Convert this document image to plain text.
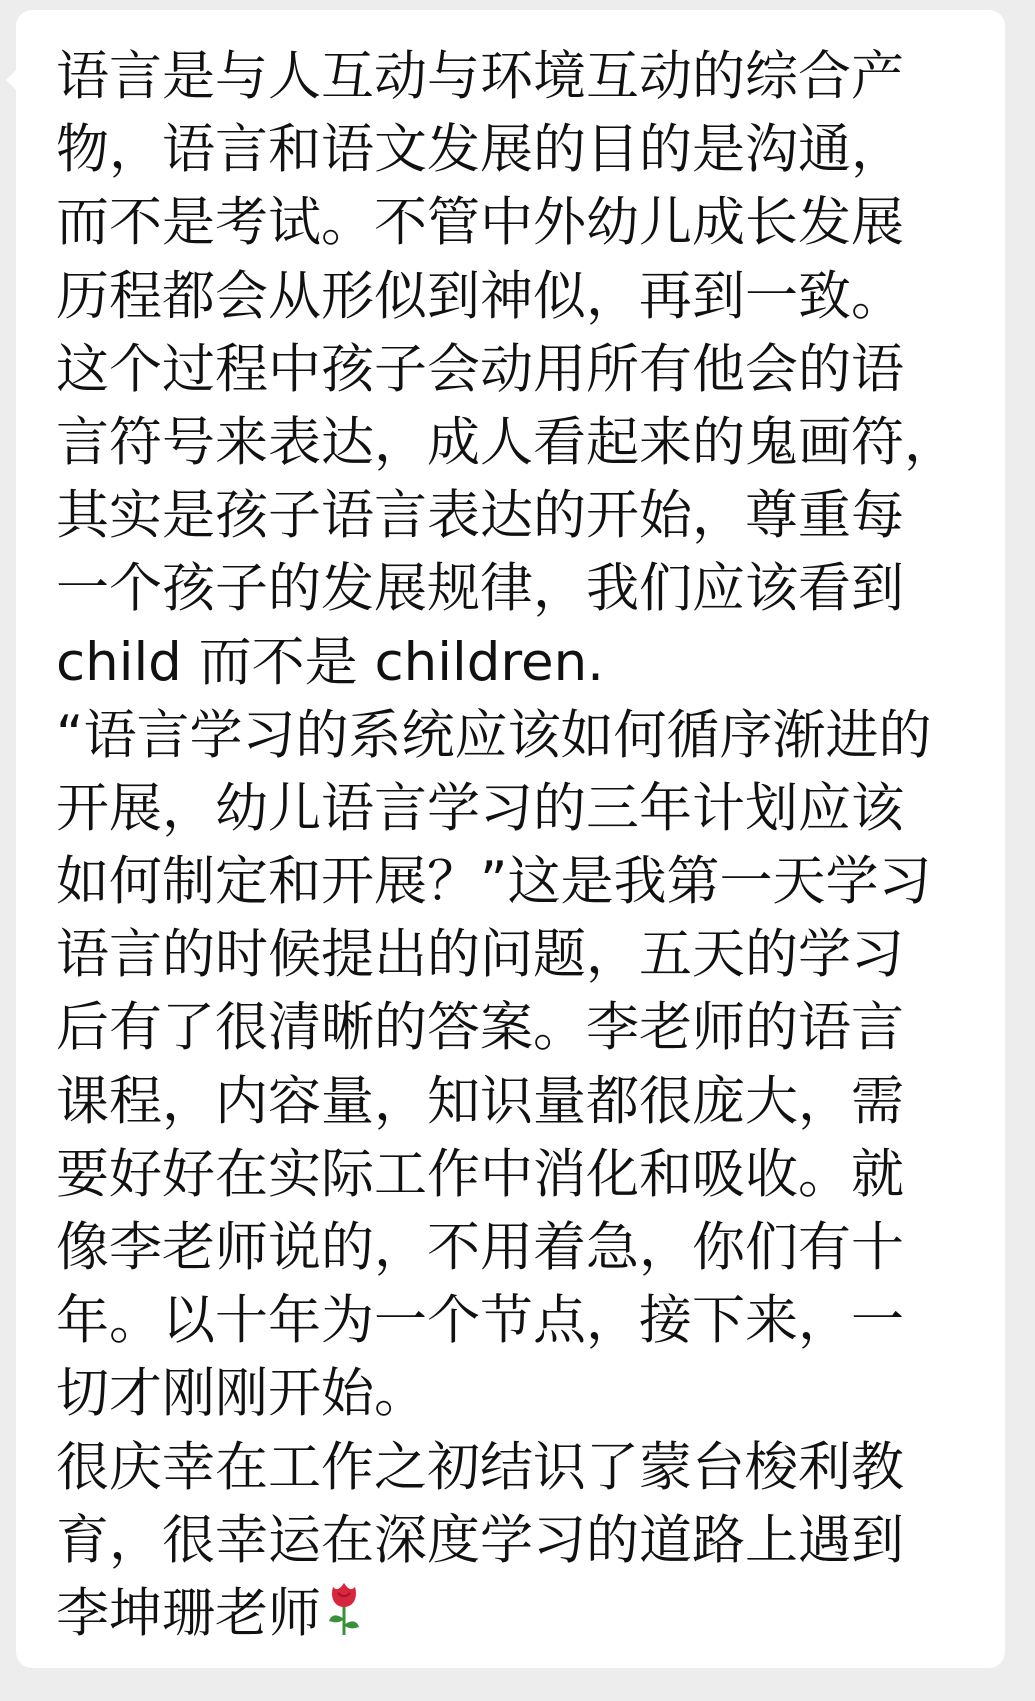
语言是与人互动与环境互动的综合产
物，语言和语文发展的目的是沟通，
而不是考试。不管中外幼儿成长发展
历程都会从形似到神似，再到一致。
这个过程中孩子会动用所有他会的语
言符号来表达，成人看起来的鬼画符，
其实是孩子语言表达的开始，尊重每
一个孩子的发展规律，我们应该看到
child 而不是 children.
“语言学习的系统应该如何循序渐进的
开展，幼儿语言学习的三年计划应该
如何制定和开展？”这是我第一天学习
语言的时候提出的问题，五天的学习
后有了很清晰的答案。李老师的语言
课程，内容量，知识量都很庞大，需
要好好在实际工作中消化和吸收。就
像李老师说的，不用着急，你们有十
年。以十年为一个节点，接下来，一
切才刚刚开始。
很庆幸在工作之初结识了蒙台梭利教
育，很幸运在深度学习的道路上遇到
李坤珊老师
